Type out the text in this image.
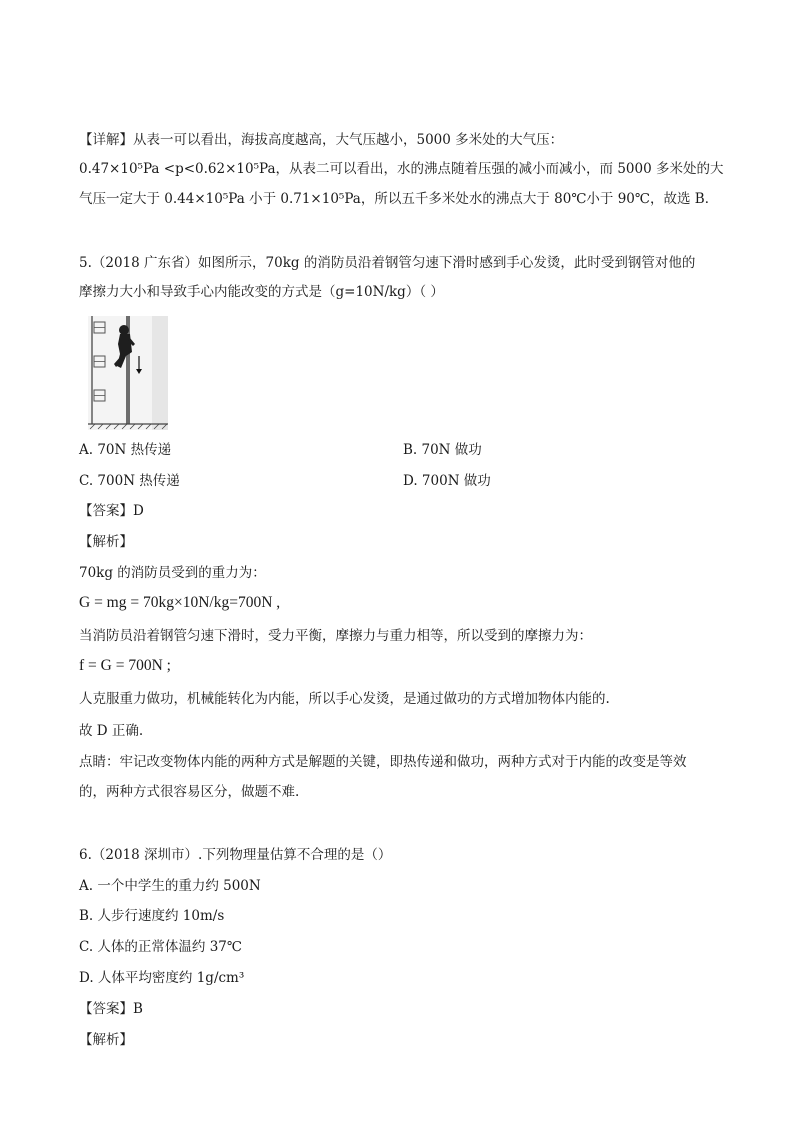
【详解】从表一可以看出，海拔高度越高，大气压越小，5000 多米处的大气压：
0.47×10⁵Pa <p<0.62×10⁵Pa，从表二可以看出，水的沸点随着压强的减小而减小，而 5000 多米处的大
气压一定大于 0.44×10⁵Pa 小于 0.71×10⁵Pa，所以五千多米处水的沸点大于 80℃小于 90℃，故选 B．
5.（2018 广东省）如图所示，70kg 的消防员沿着钢管匀速下滑时感到手心发烫，此时受到钢管对他的
摩擦力大小和导致手心内能改变的方式是（g=10N/kg）（ ）
A. 70N 热传递	B. 70N 做功
C. 700N 热传递	D. 700N 做功
【答案】D
【解析】
70kg 的消防员受到的重力为：
G = mg = 70kg×10N/kg=700N ,
当消防员沿着钢管匀速下滑时，受力平衡，摩擦力与重力相等，所以受到的摩擦力为：
f = G = 700N ;
人克服重力做功，机械能转化为内能，所以手心发烫，是通过做功的方式增加物体内能的.
故 D 正确.
点睛：牢记改变物体内能的两种方式是解题的关键，即热传递和做功，两种方式对于内能的改变是等效
的，两种方式很容易区分，做题不难.
6.（2018 深圳市）.下列物理量估算不合理的是（）
A. 一个中学生的重力约 500N
B. 人步行速度约 10m/s
C. 人体的正常体温约 37℃
D. 人体平均密度约 1g/cm³
【答案】B
【解析】
